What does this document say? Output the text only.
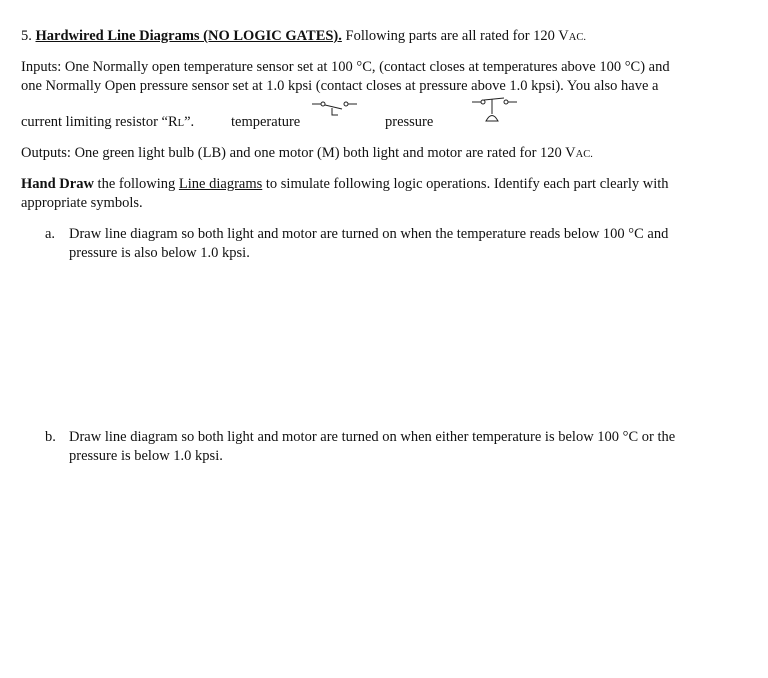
5. Hardwired Line Diagrams (NO LOGIC GATES). Following parts are all rated for 120 VAC.
Inputs: One Normally open temperature sensor set at 100 °C, (contact closes at temperatures above 100 °C) and
one Normally Open pressure sensor set at 1.0 kpsi (contact closes at pressure above 1.0 kpsi). You also have a
current limiting resistor “RL”.	temperature	pressure
Outputs: One green light bulb (LB) and one motor (M) both light and motor are rated for 120 VAC.
Hand Draw the following Line diagrams to simulate following logic operations. Identify each part clearly with
appropriate symbols.
a. Draw line diagram so both light and motor are turned on when the temperature reads below 100 °C and
pressure is also below 1.0 kpsi.
b. Draw line diagram so both light and motor are turned on when either temperature is below 100 °C or the
pressure is below 1.0 kpsi.
